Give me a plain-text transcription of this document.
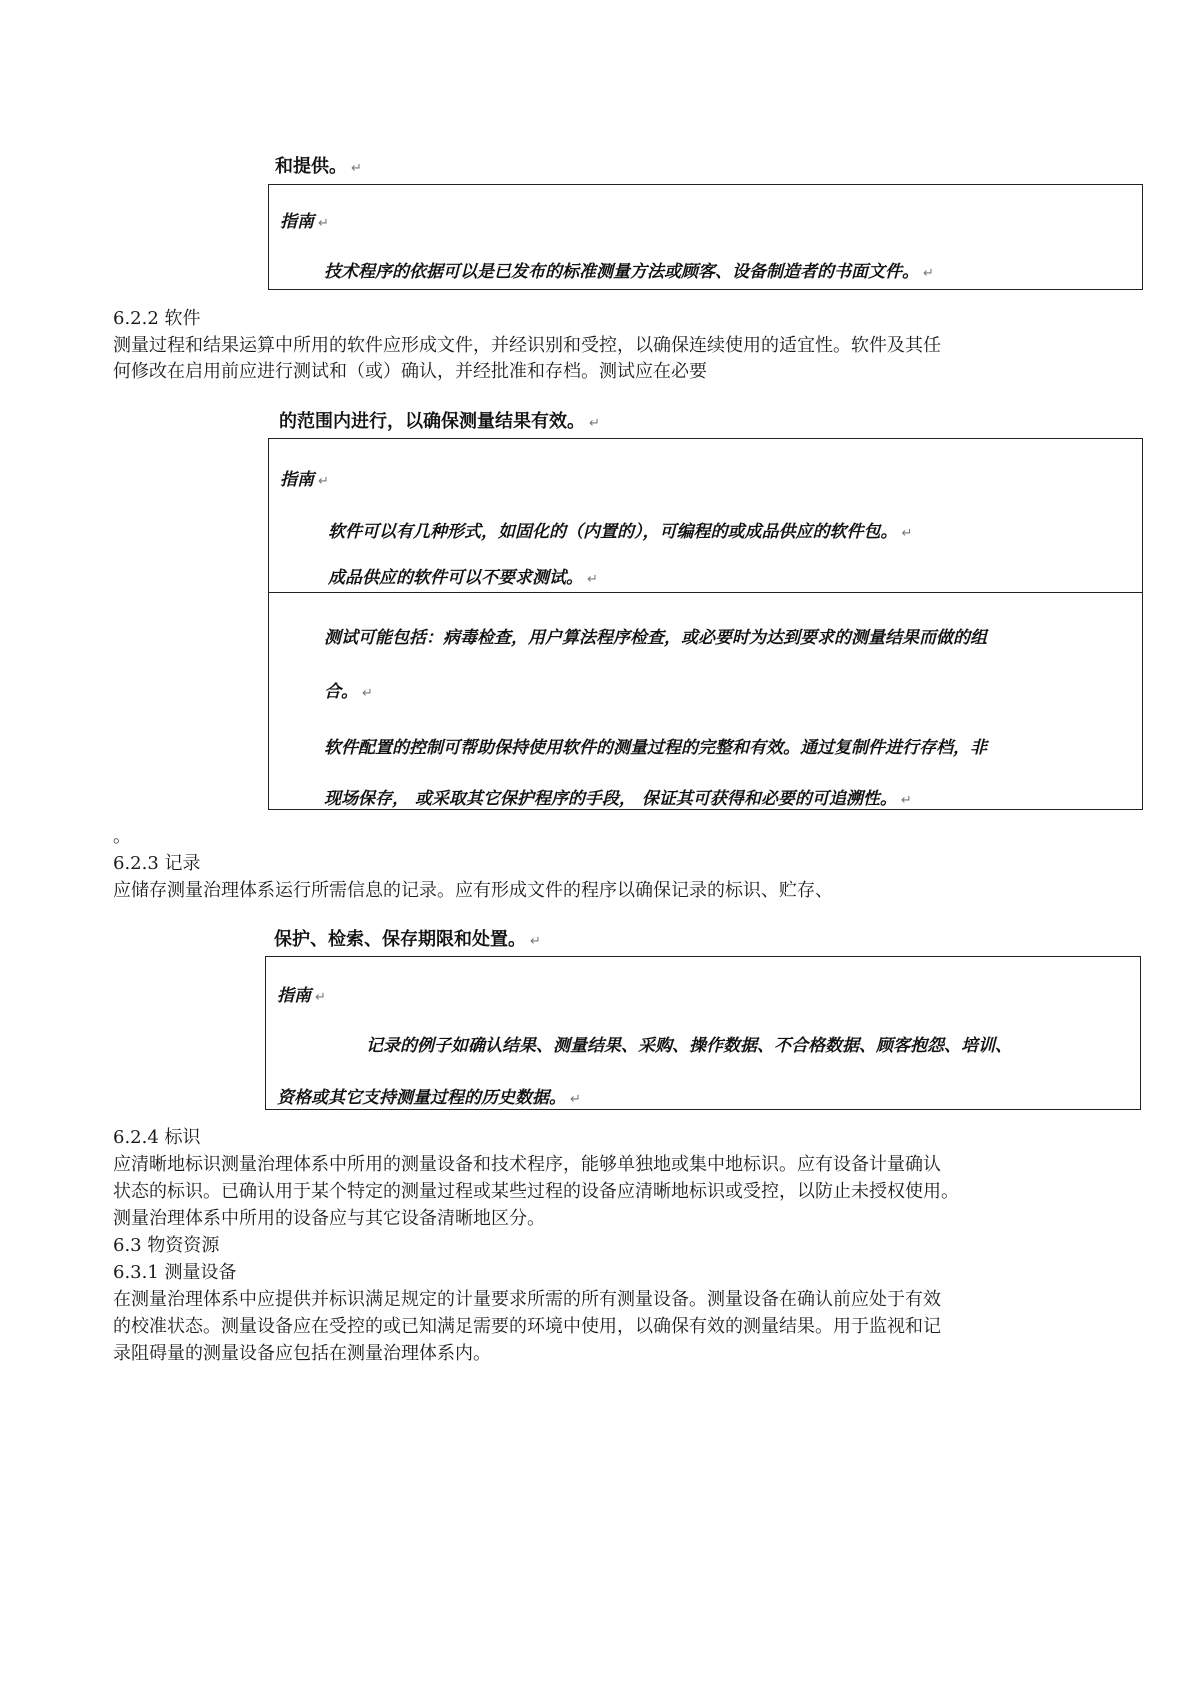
和提供。 ↵
指南 ↵
技术程序的依据可以是已发布的标准测量方法或顾客、设备制造者的书面文件。 ↵
6.2.2 软件
测量过程和结果运算中所用的软件应形成文件，并经识别和受控，以确保连续使用的适宜性。软件及其任
何修改在启用前应进行测试和（或）确认，并经批准和存档。测试应在必要
的范围内进行，以确保测量结果有效。 ↵
指南 ↵
软件可以有几种形式，如固化的（内置的），可编程的或成品供应的软件包。 ↵
成品供应的软件可以不要求测试。 ↵
测试可能包括：病毒检查，用户算法程序检查，或必要时为达到要求的测量结果而做的组
合。 ↵
软件配置的控制可帮助保持使用软件的测量过程的完整和有效。通过复制件进行存档，非
现场保存， 或采取其它保护程序的手段， 保证其可获得和必要的可追溯性。 ↵
。
6.2.3 记录
应储存测量治理体系运行所需信息的记录。应有形成文件的程序以确保记录的标识、贮存、
保护、检索、保存期限和处置。 ↵
指南 ↵
记录的例子如确认结果、测量结果、采购、操作数据、不合格数据、顾客抱怨、培训、
资格或其它支持测量过程的历史数据。 ↵
6.2.4 标识
应清晰地标识测量治理体系中所用的测量设备和技术程序，能够单独地或集中地标识。应有设备计量确认
状态的标识。已确认用于某个特定的测量过程或某些过程的设备应清晰地标识或受控，以防止未授权使用。
测量治理体系中所用的设备应与其它设备清晰地区分。
6.3 物资资源
6.3.1 测量设备
在测量治理体系中应提供并标识满足规定的计量要求所需的所有测量设备。测量设备在确认前应处于有效
的校准状态。测量设备应在受控的或已知满足需要的环境中使用，以确保有效的测量结果。用于监视和记
录阻碍量的测量设备应包括在测量治理体系内。
